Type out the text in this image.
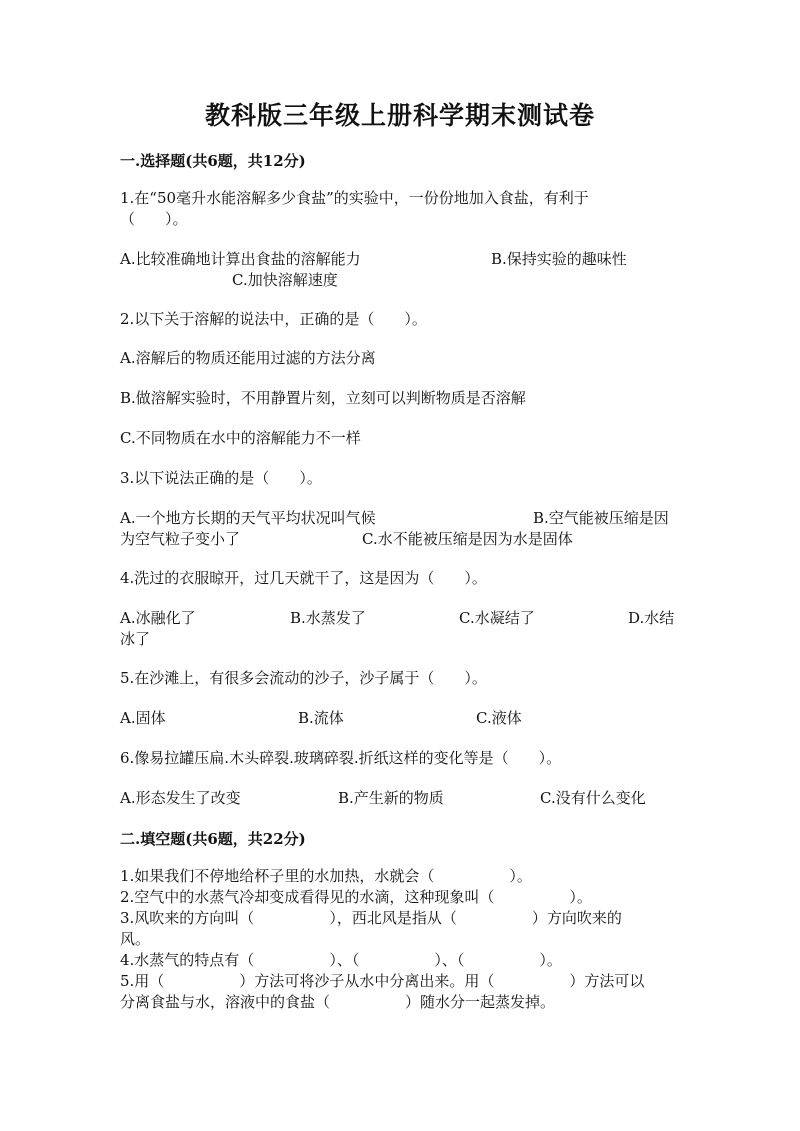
教科版三年级上册科学期末测试卷
一.选择题(共6题，共12分)
1.在“50毫升水能溶解多少食盐”的实验中，一份份地加入食盐，有利于
（　　）。
A.比较准确地计算出食盐的溶解能力	B.保持实验的趣味性
C.加快溶解速度
2.以下关于溶解的说法中，正确的是（　　）。
A.溶解后的物质还能用过滤的方法分离
B.做溶解实验时，不用静置片刻，立刻可以判断物质是否溶解
C.不同物质在水中的溶解能力不一样
3.以下说法正确的是（　　）。
A.一个地方长期的天气平均状况叫气候	B.空气能被压缩是因
为空气粒子变小了	C.水不能被压缩是因为水是固体
4.洗过的衣服晾开，过几天就干了，这是因为（　　）。
A.冰融化了	B.水蒸发了	C.水凝结了	D.水结
冰了
5.在沙滩上，有很多会流动的沙子，沙子属于（　　）。
A.固体	B.流体	C.液体
6.像易拉罐压扁.木头碎裂.玻璃碎裂.折纸这样的变化等是（　　）。
A.形态发生了改变	B.产生新的物质	C.没有什么变化
二.填空题(共6题，共22分)
1.如果我们不停地给杯子里的水加热，水就会（　　　　　）。
2.空气中的水蒸气冷却变成看得见的水滴，这种现象叫（　　　　　）。
3.风吹来的方向叫（　　　　　），西北风是指从（　　　　　）方向吹来的
风。
4.水蒸气的特点有（　　　　　）、（　　　　　）、（　　　　　）。
5.用（　　　　　）方法可将沙子从水中分离出来。用（　　　　　）方法可以
分离食盐与水，溶液中的食盐（　　　　　）随水分一起蒸发掉。
